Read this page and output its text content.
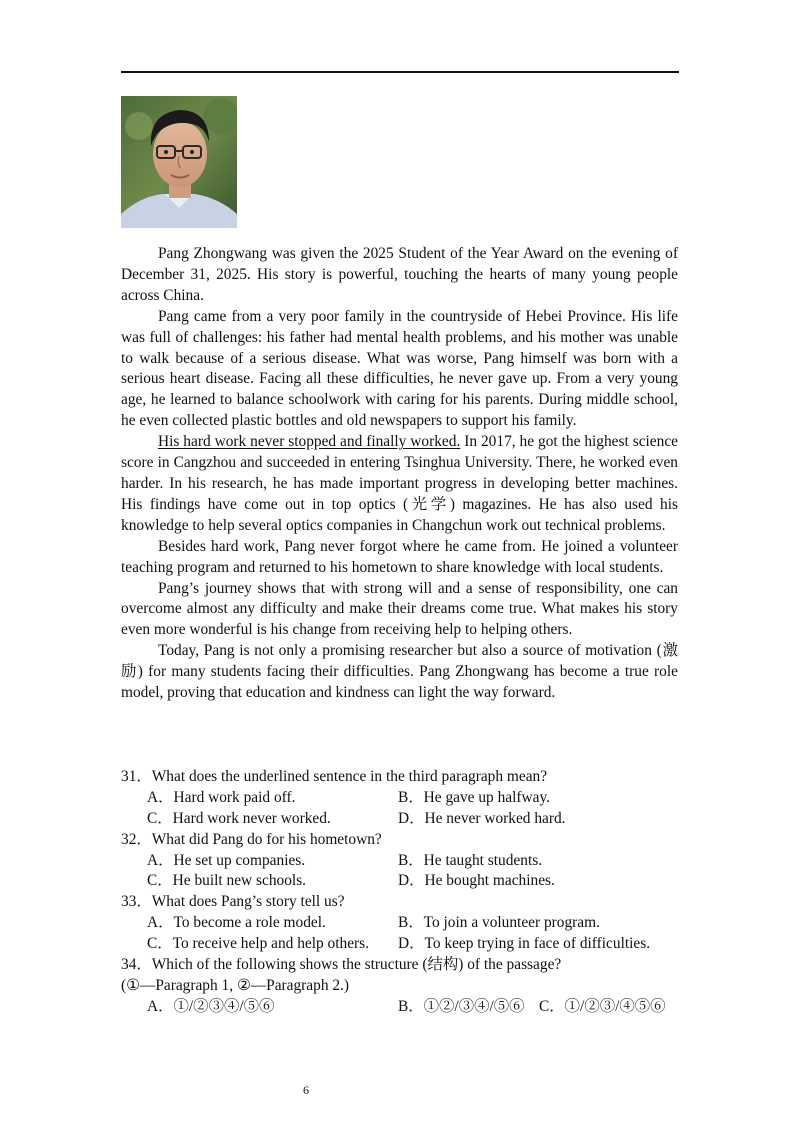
Pang Zhongwang was given the 2025 Student of the Year Award on the evening of December 31, 2025. His story is powerful, touching the hearts of many young people across China.

Pang came from a very poor family in the countryside of Hebei Province. His life was full of challenges: his father had mental health problems, and his mother was unable to walk because of a serious disease. What was worse, Pang himself was born with a serious heart disease. Facing all these difficulties, he never gave up. From a very young age, he learned to balance schoolwork with caring for his parents. During middle school, he even collected plastic bottles and old newspapers to support his family.

His hard work never stopped and finally worked. In 2017, he got the highest science score in Cangzhou and succeeded in entering Tsinghua University. There, he worked even harder. In his research, he has made important progress in developing better machines. His findings have come out in top optics (光学) magazines. He has also used his knowledge to help several optics companies in Changchun work out technical problems.

Besides hard work, Pang never forgot where he came from. He joined a volunteer teaching program and returned to his hometown to share knowledge with local students.

Pang’s journey shows that with strong will and a sense of responsibility, one can overcome almost any difficulty and make their dreams come true. What makes his story even more wonderful is his change from receiving help to helping others.

Today, Pang is not only a promising researcher but also a source of motivation (激励) for many students facing their difficulties. Pang Zhongwang has become a true role model, proving that education and kindness can light the way forward.

31．What does the underlined sentence in the third paragraph mean?

A．Hard work paid off.	B．He gave up halfway.
C．Hard work never worked.	D．He never worked hard.

32．What did Pang do for his hometown?

A．He set up companies.	B．He taught students.
C．He built new schools.	D．He bought machines.

33．What does Pang’s story tell us?

A．To become a role model.	B．To join a volunteer program.
C．To receive help and help others. D．To keep trying in face of difficulties.

34．Which of the following shows the structure (结构) of the passage?

(①—Paragraph 1, ②—Paragraph 2.)

A．①/②③④/⑤⑥	B．①②/③④/⑤⑥ C．①/②③/④⑤⑥
6
